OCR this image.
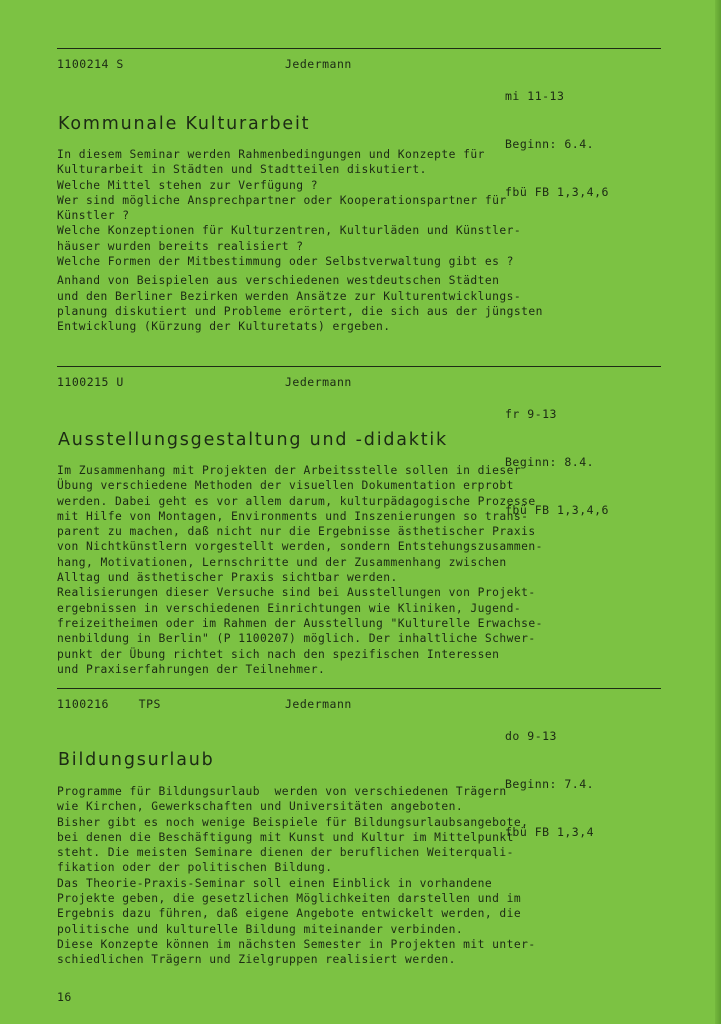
1100214 S	Jedermann

mi 11-13

Beginn: 6.4.

fbü FB 1,3,4,6

Kommunale Kulturarbeit
In diesem Seminar werden Rahmenbedingungen und Konzepte für
Kulturarbeit in Städten und Stadtteilen diskutiert.
Welche Mittel stehen zur Verfügung ?
Wer sind mögliche Ansprechpartner oder Kooperationspartner für
Künstler ?
Welche Konzeptionen für Kulturzentren, Kulturläden und Künstler-
häuser wurden bereits realisiert ?
Welche Formen der Mitbestimmung oder Selbstverwaltung gibt es ?
Anhand von Beispielen aus verschiedenen westdeutschen Städten
und den Berliner Bezirken werden Ansätze zur Kulturentwicklungs-
planung diskutiert und Probleme erörtert, die sich aus der jüngsten
Entwicklung (Kürzung der Kulturetats) ergeben.
1100215 U	Jedermann

fr 9-13

Beginn: 8.4.

fbü FB 1,3,4,6

Ausstellungsgestaltung und -didaktik
Im Zusammenhang mit Projekten der Arbeitsstelle sollen in dieser
Übung verschiedene Methoden der visuellen Dokumentation erprobt
werden. Dabei geht es vor allem darum, kulturpädagogische Prozesse
mit Hilfe von Montagen, Environments und Inszenierungen so trans-
parent zu machen, daß nicht nur die Ergebnisse ästhetischer Praxis
von Nichtkünstlern vorgestellt werden, sondern Entstehungszusammen-
hang, Motivationen, Lernschritte und der Zusammenhang zwischen
Alltag und ästhetischer Praxis sichtbar werden.
Realisierungen dieser Versuche sind bei Ausstellungen von Projekt-
ergebnissen in verschiedenen Einrichtungen wie Kliniken, Jugend-
freizeitheimen oder im Rahmen der Ausstellung "Kulturelle Erwachse-
nenbildung in Berlin" (P 1100207) möglich. Der inhaltliche Schwer-
punkt der Übung richtet sich nach den spezifischen Interessen
und Praxiserfahrungen der Teilnehmer.
1100216	TPS	Jedermann

do 9-13

Beginn: 7.4.

fbü FB 1,3,4

Bildungsurlaub
Programme für Bildungsurlaub  werden von verschiedenen Trägern
wie Kirchen, Gewerkschaften und Universitäten angeboten.
Bisher gibt es noch wenige Beispiele für Bildungsurlaubsangebote,
bei denen die Beschäftigung mit Kunst und Kultur im Mittelpunkt
steht. Die meisten Seminare dienen der beruflichen Weiterquali-
fikation oder der politischen Bildung.
Das Theorie-Praxis-Seminar soll einen Einblick in vorhandene
Projekte geben, die gesetzlichen Möglichkeiten darstellen und im
Ergebnis dazu führen, daß eigene Angebote entwickelt werden, die
politische und kulturelle Bildung miteinander verbinden.
Diese Konzepte können im nächsten Semester in Projekten mit unter-
schiedlichen Trägern und Zielgruppen realisiert werden.
16
